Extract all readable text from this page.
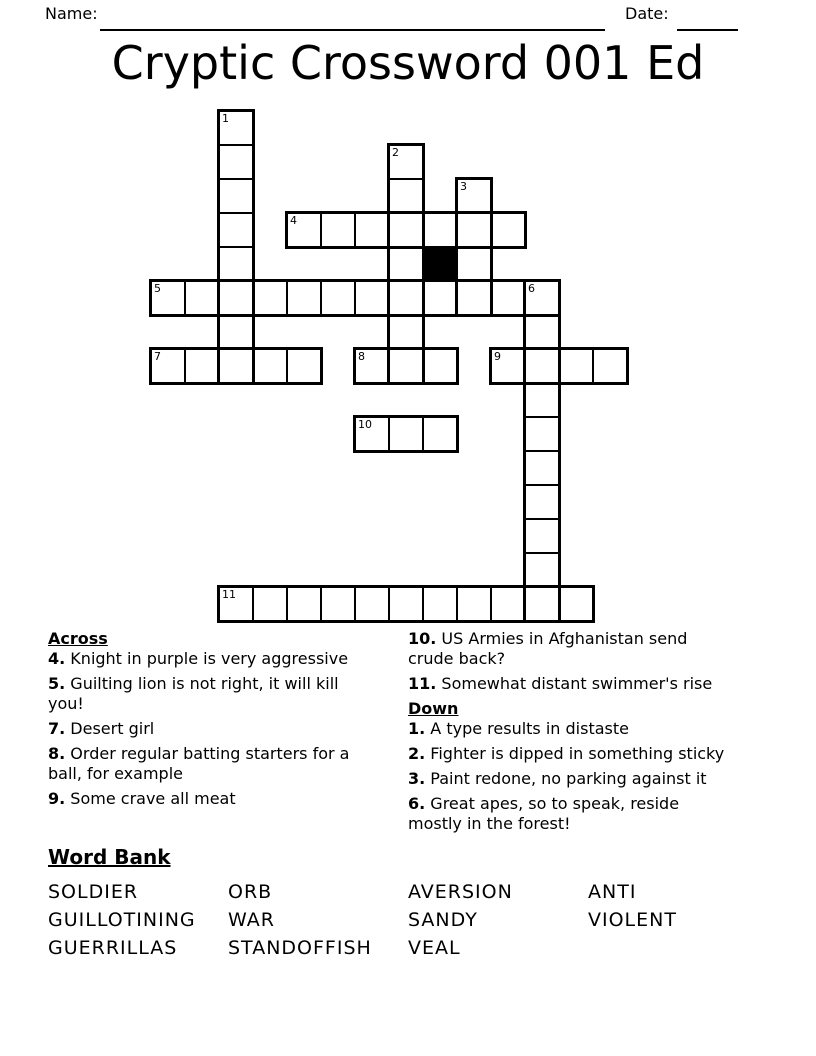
Name:	Date:
Cryptic Crossword 001 Ed
1
2
3
4
5	6
7	8	9
10
11
Across
4. Knight in purple is very aggressive
5. Guilting lion is not right, it will kill you!
7. Desert girl
8. Order regular batting starters for a ball, for example
9. Some crave all meat
10. US Armies in Afghanistan send crude back?
11. Somewhat distant swimmer's rise
Down
1. A type results in distaste
2. Fighter is dipped in something sticky
3. Paint redone, no parking against it
6. Great apes, so to speak, reside mostly in the forest!
Word Bank
SOLDIER	ORB	AVERSION	ANTI
GUILLOTINING	WAR	SANDY	VIOLENT
GUERRILLAS	STANDOFFISH	VEAL
